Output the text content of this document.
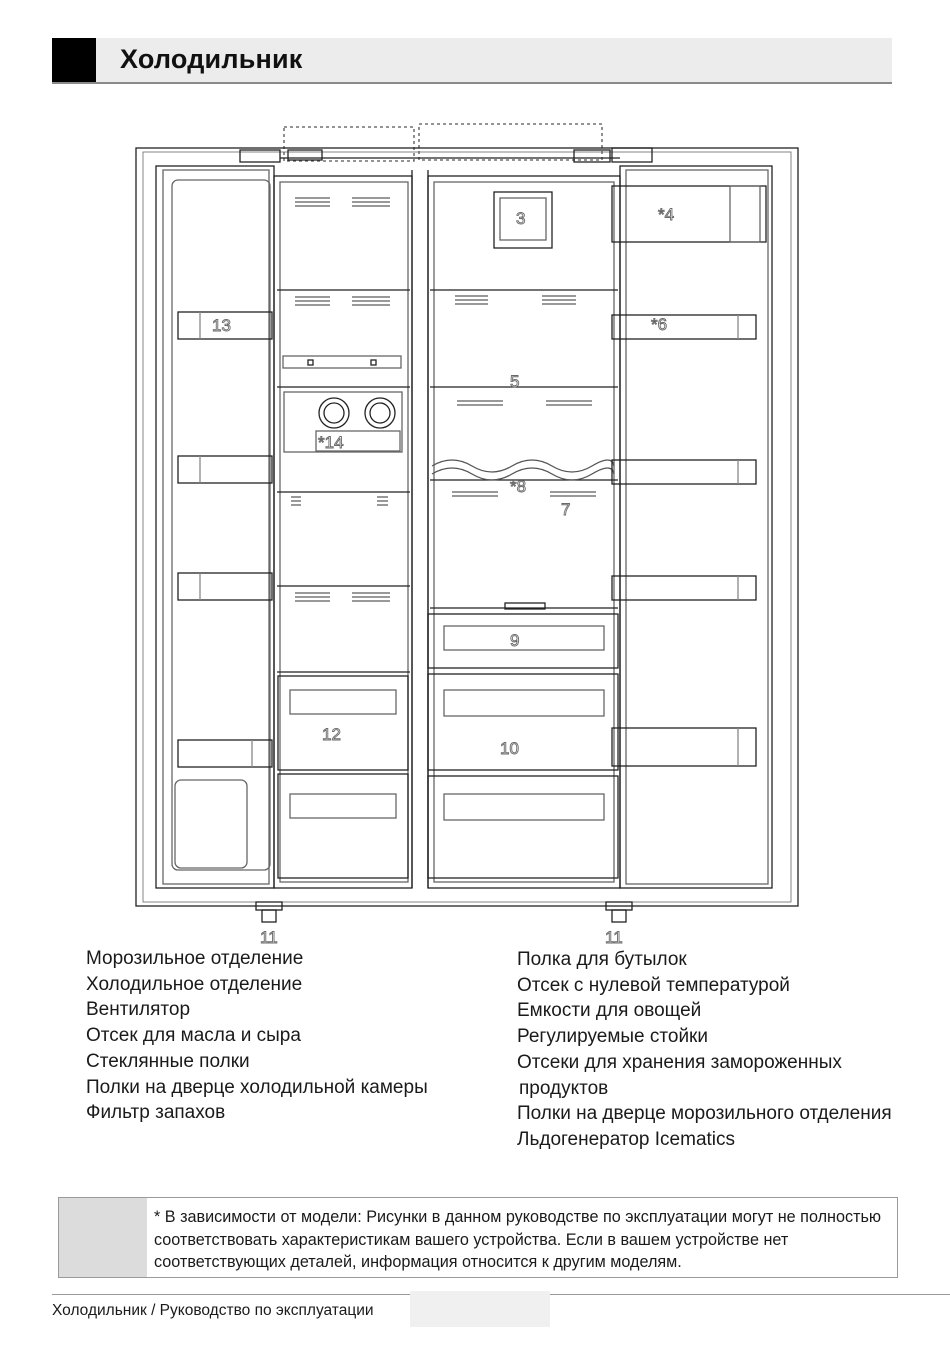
Холодильник
3	*4
5
*6
7
*8
9
10
11	11
12
13
*14
Морозильное отделение
Холодильное отделение
Вентилятор
Отсек для масла и сыра
Стеклянные полки
Полки на дверце холодильной камеры
Фильтр запахов
Полка для бутылок
Отсек с нулевой температурой
Емкости для овощей
Регулируемые стойки
Отсеки для хранения замороженных
продуктов
Полки на дверце морозильного отделения
Льдогенератор Icematics
* В зависимости от модели: Рисунки в данном руководстве по эксплуатации могут не полностью соответствовать характеристикам вашего устройства. Если в вашем устройстве нет соответствующих деталей, информация относится к другим моделям.
Холодильник / Руководство по эксплуатации
